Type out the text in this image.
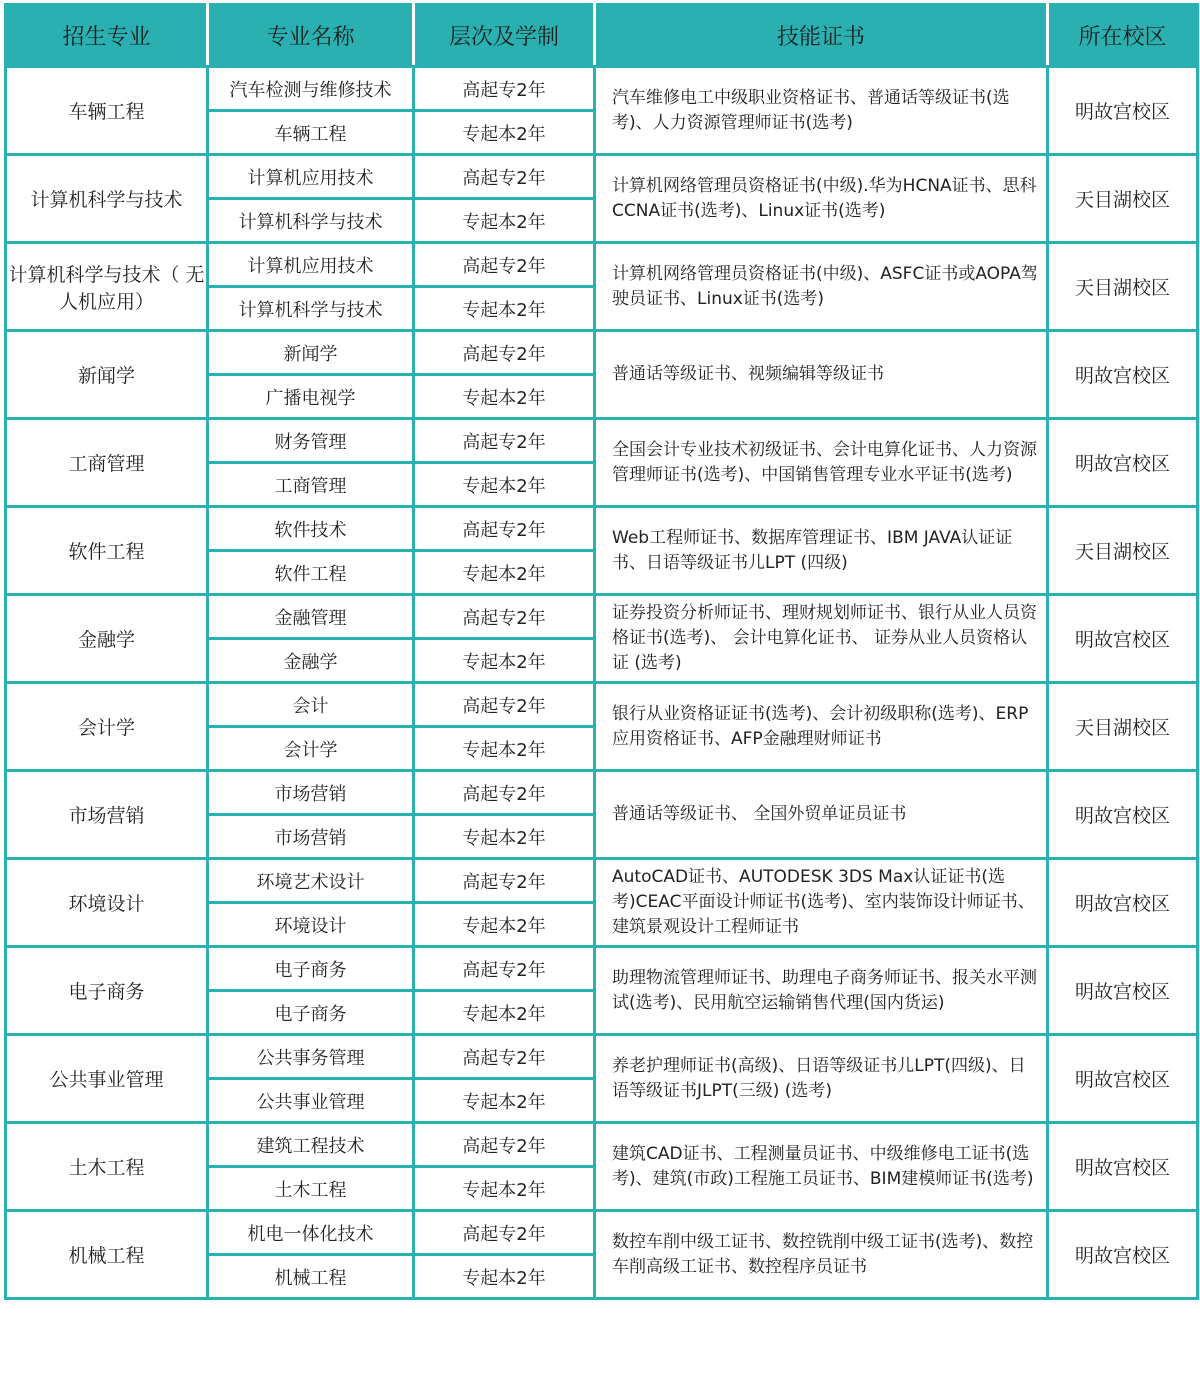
招生专业	专业名称	层次及学制	技能证书	所在校区
车辆工程	汽车检测与维修技术	高起专2年	汽车维修电工中级职业资格证书、普通话等级证书(选考)、人力资源管理师证书(选考)	明故宫校区
	车辆工程	专起本2年		
计算机科学与技术	计算机应用技术	高起专2年	计算机网络管理员资格证书(中级).华为HCNA证书、思科CCNA证书(选考)、Linux证书(选考)	天目湖校区
	计算机科学与技术	专起本2年		
计算机科学与技术（ 无人机应用）	计算机应用技术	高起专2年	计算机网络管理员资格证书(中级)、ASFC证书或AOPA驾驶员证书、Linux证书(选考)	天目湖校区
	计算机科学与技术	专起本2年		
新闻学	新闻学	高起专2年	普通话等级证书、视频编辑等级证书	明故宫校区
	广播电视学	专起本2年		
工商管理	财务管理	高起专2年	全国会计专业技术初级证书、会计电算化证书、人力资源管理师证书(选考)、中国销售管理专业水平证书(选考)	明故宫校区
	工商管理	专起本2年		
软件工程	软件技术	高起专2年	Web工程师证书、数据库管理证书、IBM JAVA认证证书、日语等级证书儿LPT (四级)	天目湖校区
	软件工程	专起本2年		
金融学	金融管理	高起专2年	证券投资分析师证书、理财规划师证书、银行从业人员资格证书(选考)、 会计电算化证书、 证券从业人员资格认证 (选考)	明故宫校区
	金融学	专起本2年		
会计学	会计	高起专2年	银行从业资格证证书(选考)、会计初级职称(选考)、ERP应用资格证书、AFP金融理财师证书	天目湖校区
	会计学	专起本2年		
市场营销	市场营销	高起专2年	普通话等级证书、 全国外贸单证员证书	明故宫校区
	市场营销	专起本2年		
环境设计	环境艺术设计	高起专2年	AutoCAD证书、AUTODESK 3DS Max认证证书(选考)CEAC平面设计师证书(选考)、室内装饰设计师证书、建筑景观设计工程师证书	明故宫校区
	环境设计	专起本2年		
电子商务	电子商务	高起专2年	助理物流管理师证书、助理电子商务师证书、报关水平测试(选考)、民用航空运输销售代理(国内货运)	明故宫校区
	电子商务	专起本2年		
公共事业管理	公共事务管理	高起专2年	养老护理师证书(高级)、日语等级证书儿LPT(四级)、日语等级证书JLPT(三级) (选考)	明故宫校区
	公共事业管理	专起本2年		
土木工程	建筑工程技术	高起专2年	建筑CAD证书、工程测量员证书、中级维修电工证书(选考)、建筑(市政)工程施工员证书、BIM建模师证书(选考)	明故宫校区
	土木工程	专起本2年		
机械工程	机电一体化技术	高起专2年	数控车削中级工证书、数控铣削中级工证书(选考)、数控车削高级工证书、数控程序员证书	明故宫校区
	机械工程	专起本2年		
